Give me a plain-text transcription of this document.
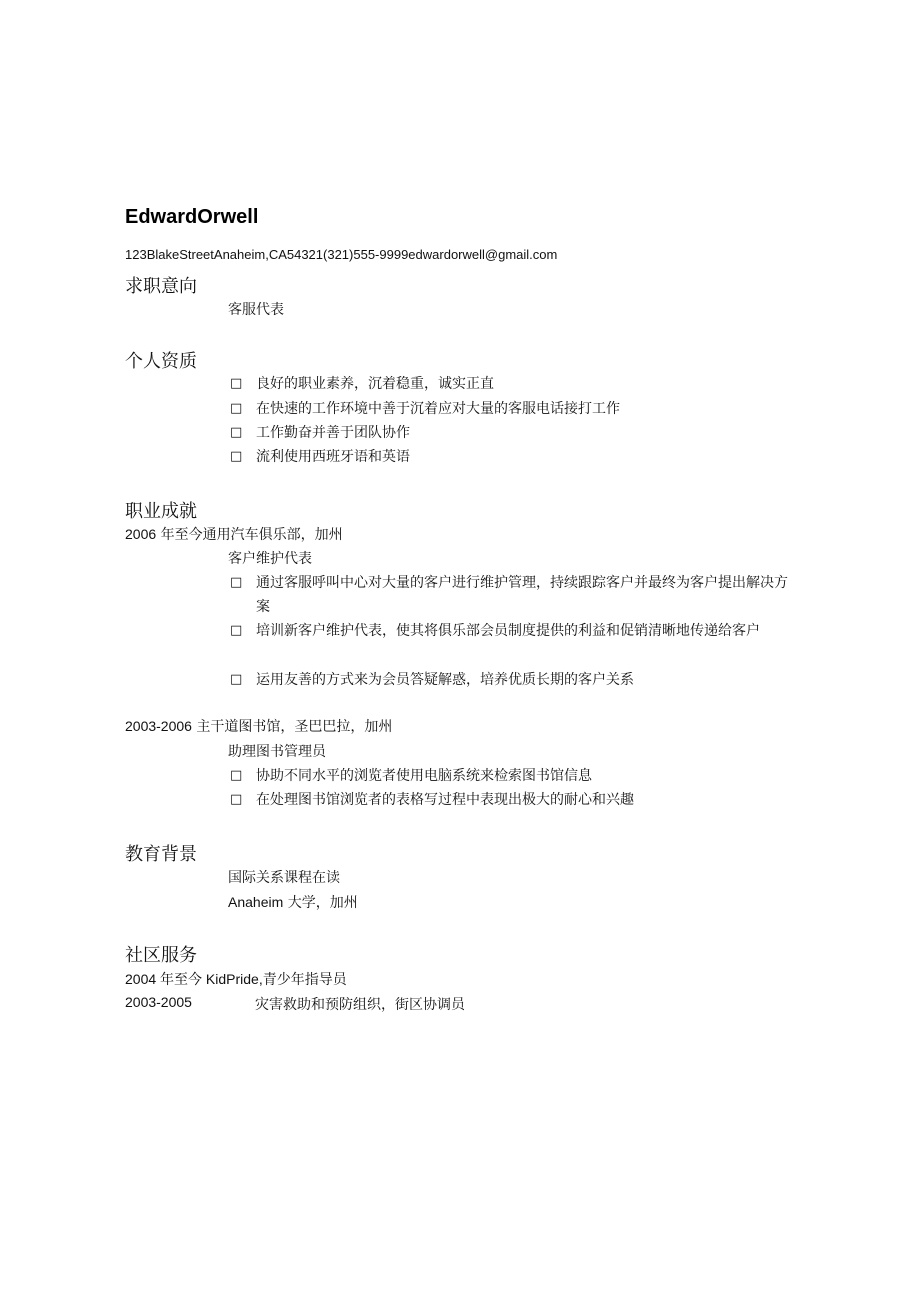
EdwardOrwell
123BlakeStreetAnaheim,CA54321(321)555-9999edwardorwell@gmail.com
求职意向
客服代表
个人资质
□ 良好的职业素养，沉着稳重，诚实正直
□ 在快速的工作环境中善于沉着应对大量的客服电话接打工作
□ 工作勤奋并善于团队协作
□ 流利使用西班牙语和英语
职业成就
2006 年至今通用汽车俱乐部，加州
客户维护代表
□ 通过客服呼叫中心对大量的客户进行维护管理，持续跟踪客户并最终为客户提出解决方案
□ 培训新客户维护代表，使其将俱乐部会员制度提供的利益和促销清晰地传递给客户
□ 运用友善的方式来为会员答疑解惑，培养优质长期的客户关系
2003-2006 主干道图书馆，圣巴巴拉，加州
助理图书管理员
□ 协助不同水平的浏览者使用电脑系统来检索图书馆信息
□ 在处理图书馆浏览者的表格写过程中表现出极大的耐心和兴趣
教育背景
国际关系课程在读
Anaheim 大学，加州
社区服务
2004 年至今 KidPride,青少年指导员
2003-2005	灾害救助和预防组织，街区协调员
